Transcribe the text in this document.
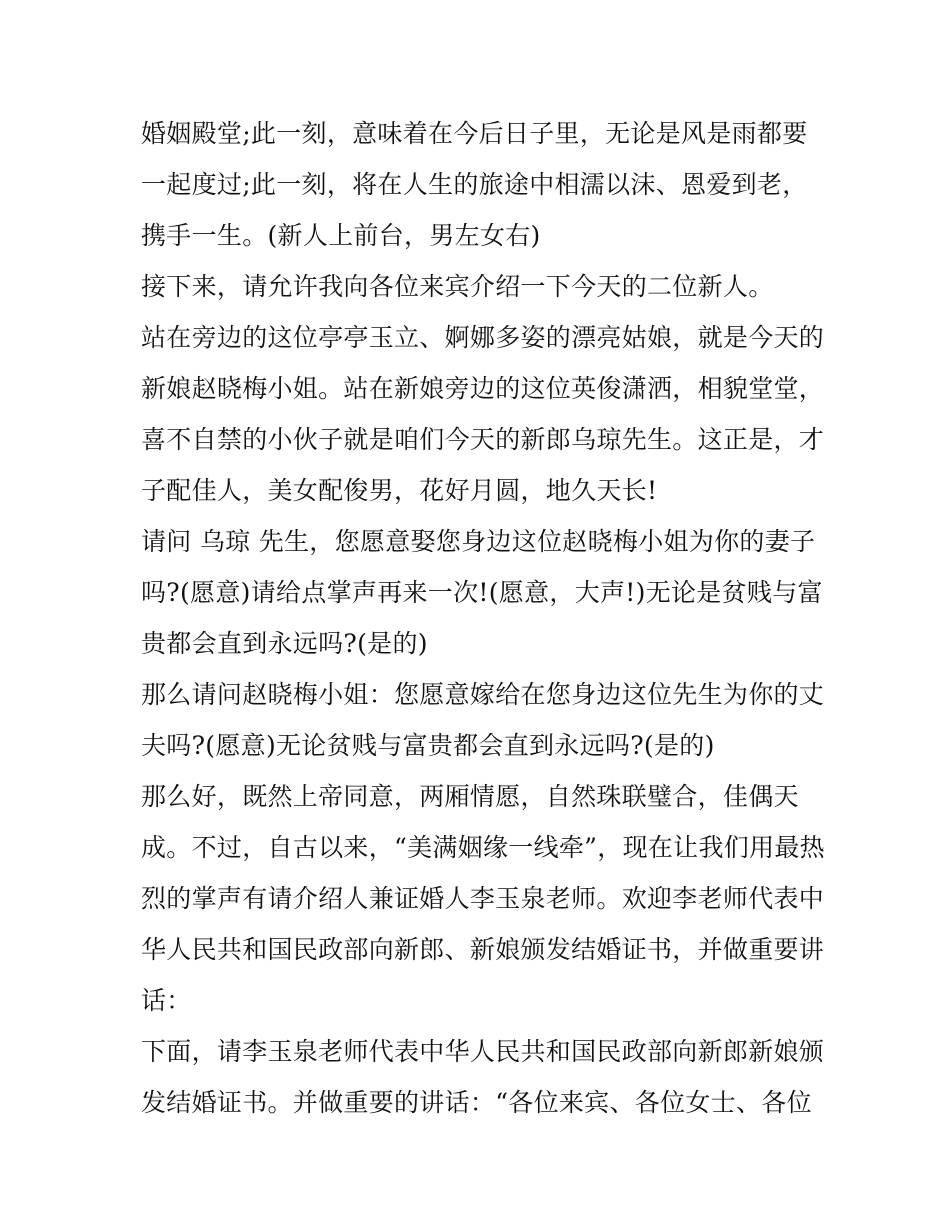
婚姻殿堂;此一刻，意味着在今后日子里，无论是风是雨都要
一起度过;此一刻，将在人生的旅途中相濡以沫、恩爱到老，
携手一生。(新人上前台，男左女右)
接下来，请允许我向各位来宾介绍一下今天的二位新人。
站在旁边的这位亭亭玉立、婀娜多姿的漂亮姑娘，就是今天的
新娘赵晓梅小姐。站在新娘旁边的这位英俊潇洒，相貌堂堂，
喜不自禁的小伙子就是咱们今天的新郎乌琼先生。这正是，才
子配佳人，美女配俊男，花好月圆，地久天长!
请问 乌琼 先生，您愿意娶您身边这位赵晓梅小姐为你的妻子
吗?(愿意)请给点掌声再来一次!(愿意，大声!)无论是贫贱与富
贵都会直到永远吗?(是的)
那么请问赵晓梅小姐：您愿意嫁给在您身边这位先生为你的丈
夫吗?(愿意)无论贫贱与富贵都会直到永远吗?(是的)
那么好，既然上帝同意，两厢情愿，自然珠联璧合，佳偶天
成。不过，自古以来，“美满姻缘一线牵”，现在让我们用最热
烈的掌声有请介绍人兼证婚人李玉泉老师。欢迎李老师代表中
华人民共和国民政部向新郎、新娘颁发结婚证书，并做重要讲
话：
下面，请李玉泉老师代表中华人民共和国民政部向新郎新娘颁
发结婚证书。并做重要的讲话：“各位来宾、各位女士、各位
